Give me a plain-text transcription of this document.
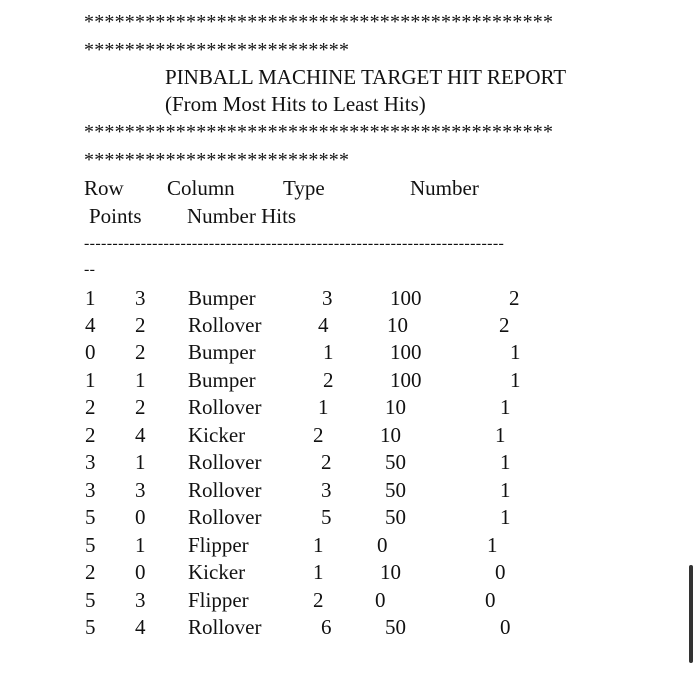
**********************************************
**************************
PINBALL MACHINE TARGET HIT REPORT
(From Most Hits to Least Hits)
**********************************************
**************************
Row Column Type	Number
Points Number Hits
--------------------------------------------------------------------------
--
1 3 Bumper	3	100	2
4 2 Rollover	4	10	2
0 2 Bumper	1	100	1
1 1 Bumper	2	100	1
2 2 Rollover	1	10	1
2 4 Kicker	2	10	1
3 1 Rollover	2	50	1
3 3 Rollover	3	50	1
5 0 Rollover	5	50	1
5 1 Flipper	1	0	1
2 0 Kicker	1	10	0
5 3 Flipper	2 0	0
5 4 Rollover	6	50	0
